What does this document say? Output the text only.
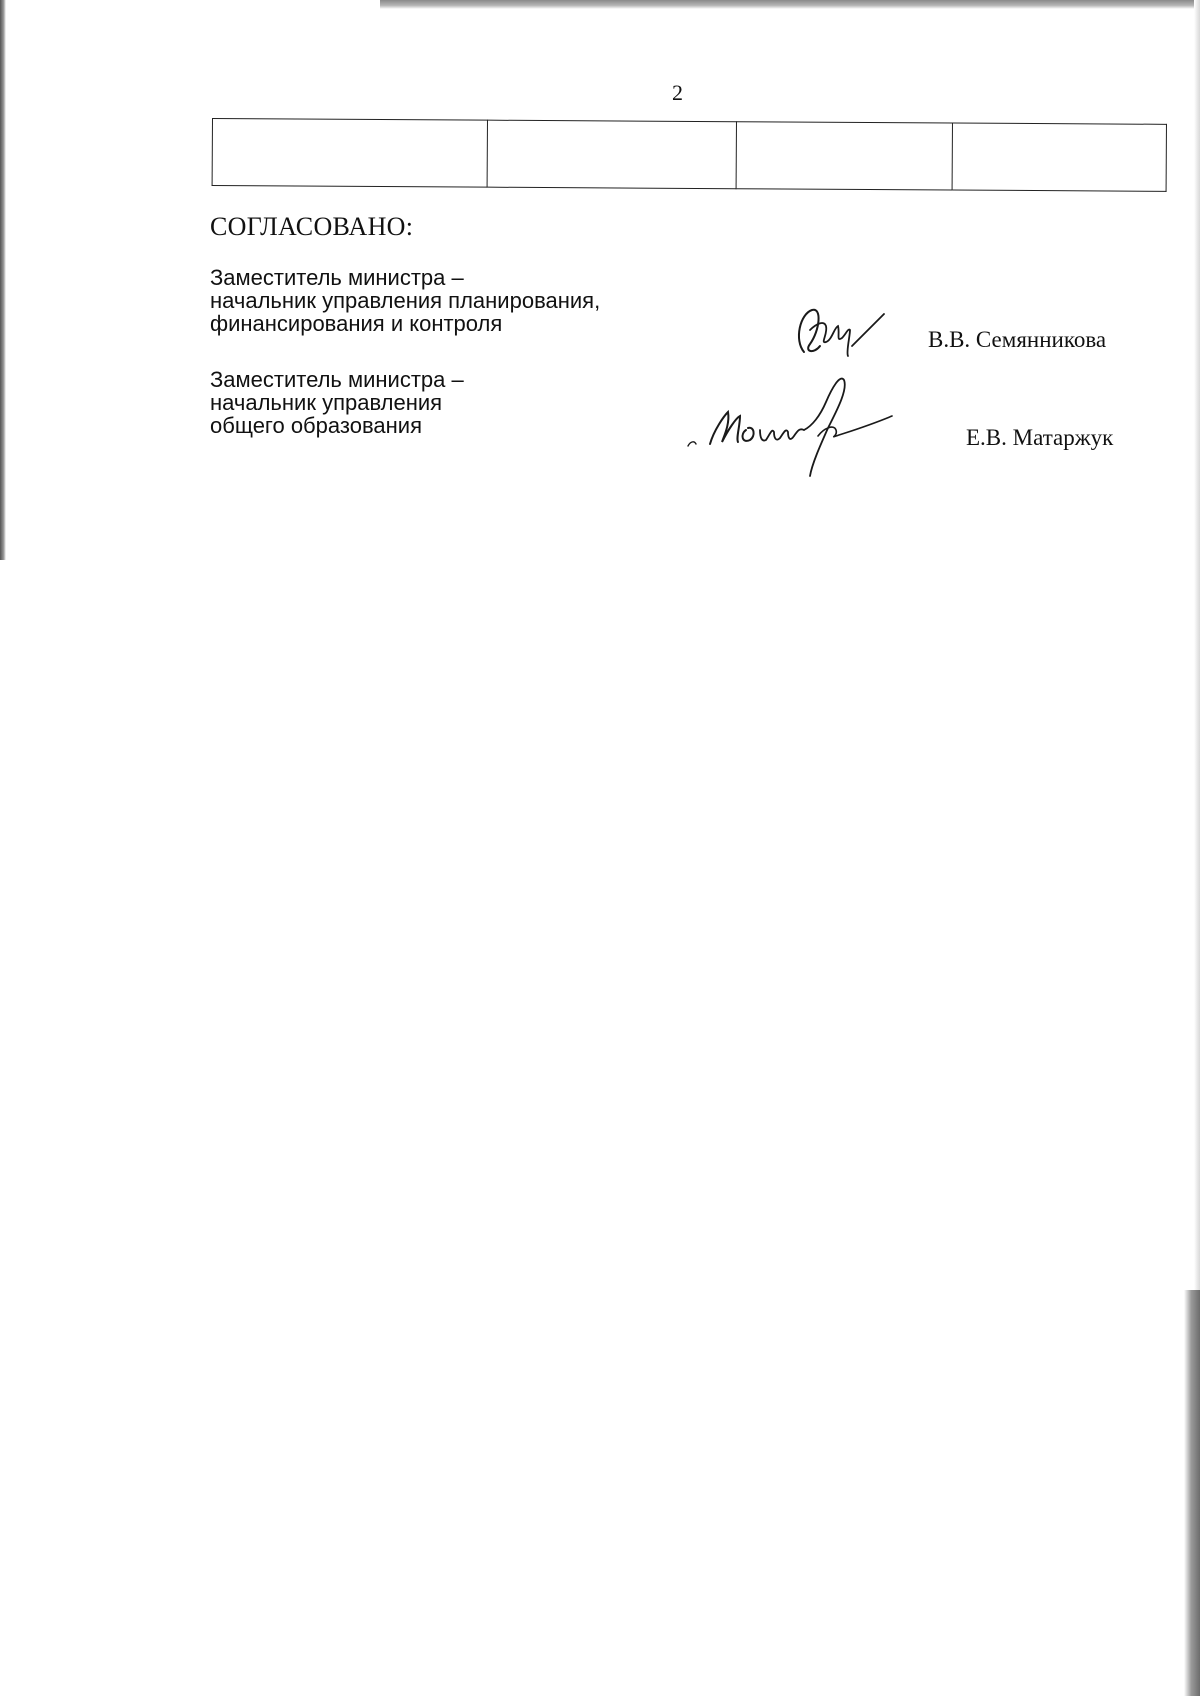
2

СОГЛАСОВАНО:
Заместитель министра –
начальник управления планирования,
финансирования и контроля
В.В. Семянникова
Заместитель министра –
начальник управления
общего образования	Е.В. Матаржук
